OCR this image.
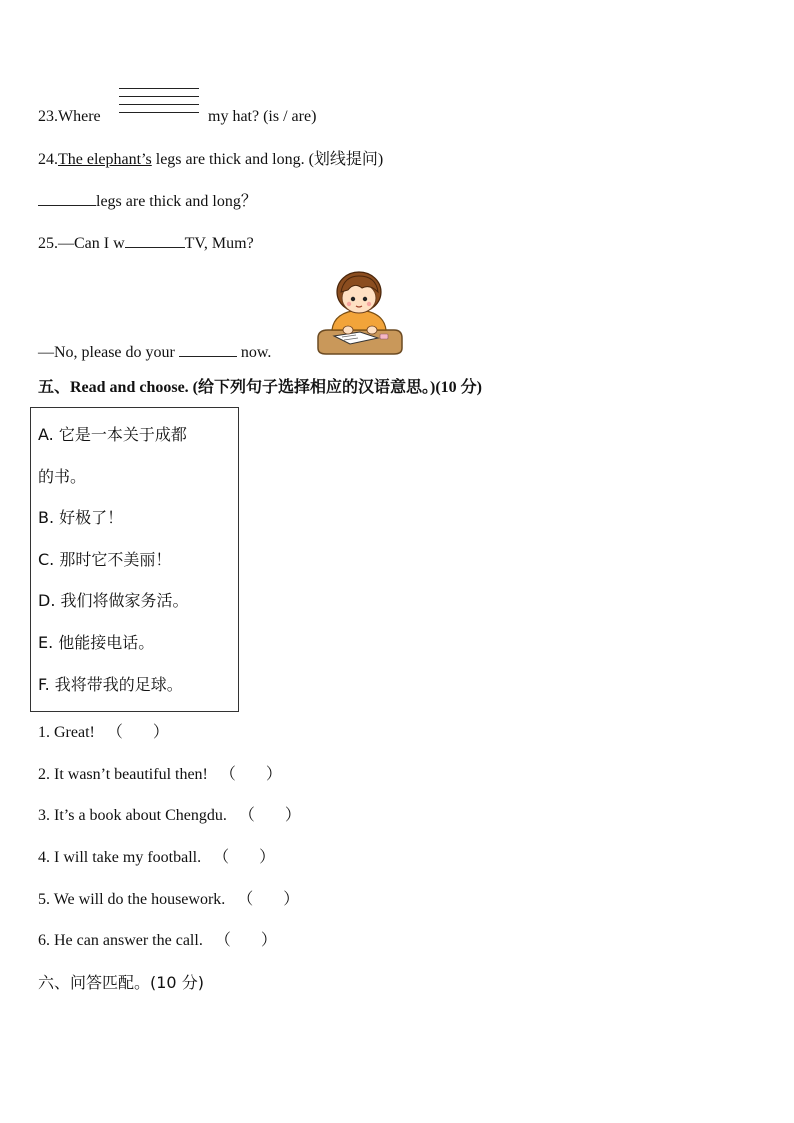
23.Where	my hat? (is / are)
24.The elephant’s legs are thick and long. (划线提问)
legs are thick and long？
25.—Can I w	TV, Mum?
—No, please do your	now.
五、Read and choose. (给下列句子选择相应的汉语意思。)(10 分)
A. 它是一本关于成都
的书。
B. 好极了！
C. 那时它不美丽！
D. 我们将做家务活。
E. 他能接电话。
F. 我将带我的足球。
1. Great! （ ）
2. It wasn’t beautiful then! （ ）
3. It’s a book about Chengdu. （ ）
4. I will take my football. （ ）
5. We will do the housework. （ ）
6. He can answer the call. （ ）
六、问答匹配。(10 分)
